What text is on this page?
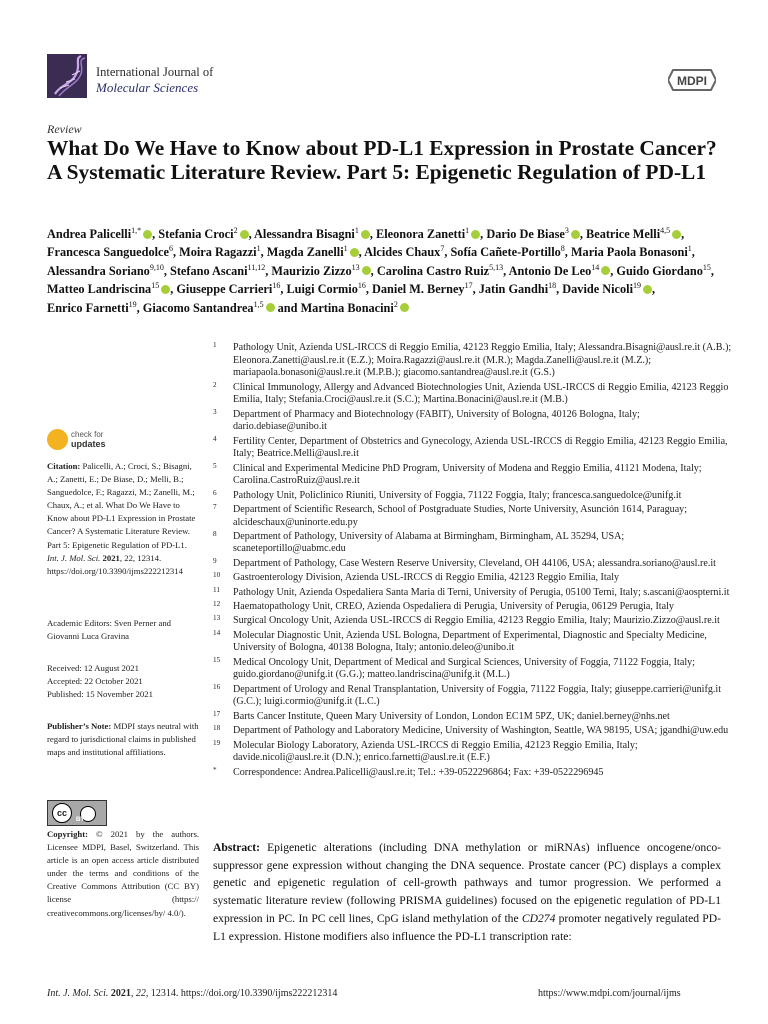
International Journal of
Molecular Sciences	MDPI
Review
What Do We Have to Know about PD-L1 Expression in Prostate Cancer? A Systematic Literature Review. Part 5: Epigenetic Regulation of PD-L1

Andrea Palicelli$^{1,*}$ , Stefania Croci$^2$ , Alessandra Bisagni$^1$ , Eleonora Zanetti$^1$ , Dario De Biase$^3$ , Beatrice Melli$^{4,5}$ , Francesca Sanguedolce$^6$, Moira Ragazzi$^1$, Magda Zanelli$^1$ , Alcides Chaux$^7$, Sofía Cañete-Portillo$^8$, Maria Paola Bonasoni$^1$, Alessandra Soriano$^{9,10}$, Stefano Ascani$^{11,12}$, Maurizio Zizzo$^{13}$ , Carolina Castro Ruiz$^{5,13}$, Antonio De Leo$^{14}$ , Guido Giordano$^{15}$, Matteo Landriscina$^{15}$ , Giuseppe Carrieri$^{16}$, Luigi Cormio$^{16}$, Daniel M. Berney$^{17}$, Jatin Gandhi$^{18}$, Davide Nicoli$^{19}$ , Enrico Farnetti$^{19}$, Giacomo Santandrea$^{1,5}$ and Martina Bonacini$^2$

1 Pathology Unit, Azienda USL-IRCCS di Reggio Emilia, 42123 Reggio Emilia, Italy; Alessandra.Bisagni@ausl.re.it (A.B.); Eleonora.Zanetti@ausl.re.it (E.Z.); Moira.Ragazzi@ausl.re.it (M.R.); Magda.Zanelli@ausl.re.it (M.Z.); mariapaola.bonasoni@ausl.re.it (M.P.B.); giacomo.santandrea@ausl.re.it (G.S.)
2 Clinical Immunology, Allergy and Advanced Biotechnologies Unit, Azienda USL-IRCCS di Reggio Emilia, 42123 Reggio Emilia, Italy; Stefania.Croci@ausl.re.it (S.C.); Martina.Bonacini@ausl.re.it (M.B.)
3 Department of Pharmacy and Biotechnology (FABIT), University of Bologna, 40126 Bologna, Italy; dario.debiase@unibo.it
4 Fertility Center, Department of Obstetrics and Gynecology, Azienda USL-IRCCS di Reggio Emilia, 42123 Reggio Emilia, Italy; Beatrice.Melli@ausl.re.it
5 Clinical and Experimental Medicine PhD Program, University of Modena and Reggio Emilia, 41121 Modena, Italy; Carolina.CastroRuiz@ausl.re.it
6 Pathology Unit, Policlinico Riuniti, University of Foggia, 71122 Foggia, Italy; francesca.sanguedolce@unifg.it
7 Department of Scientific Research, School of Postgraduate Studies, Norte University, Asunción 1614, Paraguay; alcideschaux@uninorte.edu.py
8 Department of Pathology, University of Alabama at Birmingham, Birmingham, AL 35294, USA; scaneteportillo@uabmc.edu
9 Department of Pathology, Case Western Reserve University, Cleveland, OH 44106, USA; alessandra.soriano@ausl.re.it
10 Gastroenterology Division, Azienda USL-IRCCS di Reggio Emilia, 42123 Reggio Emilia, Italy
11 Pathology Unit, Azienda Ospedaliera Santa Maria di Terni, University of Perugia, 05100 Terni, Italy; s.ascani@aospterni.it
12 Haematopathology Unit, CREO, Azienda Ospedaliera di Perugia, University of Perugia, 06129 Perugia, Italy
13 Surgical Oncology Unit, Azienda USL-IRCCS di Reggio Emilia, 42123 Reggio Emilia, Italy; Maurizio.Zizzo@ausl.re.it
14 Molecular Diagnostic Unit, Azienda USL Bologna, Department of Experimental, Diagnostic and Specialty Medicine, University of Bologna, 40138 Bologna, Italy; antonio.deleo@unibo.it
15 Medical Oncology Unit, Department of Medical and Surgical Sciences, University of Foggia, 71122 Foggia, Italy; guido.giordano@unifg.it (G.G.); matteo.landriscina@unifg.it (M.L.)
16 Department of Urology and Renal Transplantation, University of Foggia, 71122 Foggia, Italy; giuseppe.carrieri@unifg.it (G.C.); luigi.cormio@unifg.it (L.C.)
17 Barts Cancer Institute, Queen Mary University of London, London EC1M 5PZ, UK; daniel.berney@nhs.net
18 Department of Pathology and Laboratory Medicine, University of Washington, Seattle, WA 98195, USA; jgandhi@uw.edu
19 Molecular Biology Laboratory, Azienda USL-IRCCS di Reggio Emilia, 42123 Reggio Emilia, Italy; davide.nicoli@ausl.re.it (D.N.); enrico.farnetti@ausl.re.it (E.F.)
* Correspondence: Andrea.Palicelli@ausl.re.it; Tel.: +39-0522296864; Fax: +39-0522296945
check for
updates
Citation: Palicelli, A.; Croci, S.; Bisagni, A.; Zanetti, E.; De Biase, D.; Melli, B.; Sanguedolce, F.; Ragazzi, M.; Zanelli, M.; Chaux, A.; et al. What Do We Have to Know about PD-L1 Expression in Prostate Cancer? A Systematic Literature Review. Part 5: Epigenetic Regulation of PD-L1. Int. J. Mol. Sci. 2021, 22, 12314. https://doi.org/10.3390/ijms222212314
Academic Editors: Sven Perner and Giovanni Luca Gravina
Received: 12 August 2021
Accepted: 22 October 2021
Published: 15 November 2021
Publisher’s Note: MDPI stays neutral with regard to jurisdictional claims in published maps and institutional affiliations.
cc
BY
Copyright: © 2021 by the authors. Licensee MDPI, Basel, Switzerland. This article is an open access article distributed under the terms and conditions of the Creative Commons Attribution (CC BY) license (https:// creativecommons.org/licenses/by/ 4.0/).

Abstract: Epigenetic alterations (including DNA methylation or miRNAs) influence oncogene/onco-suppressor gene expression without changing the DNA sequence. Prostate cancer (PC) displays a complex genetic and epigenetic regulation of cell-growth pathways and tumor progression. We performed a systematic literature review (following PRISMA guidelines) focused on the epigenetic regulation of PD-L1 expression in PC. In PC cell lines, CpG island methylation of the CD274 promoter negatively regulated PD-L1 expression. Histone modifiers also influence the PD-L1 transcription rate:

Int. J. Mol. Sci. 2021, 22, 12314. https://doi.org/10.3390/ijms222212314	https://www.mdpi.com/journal/ijms
